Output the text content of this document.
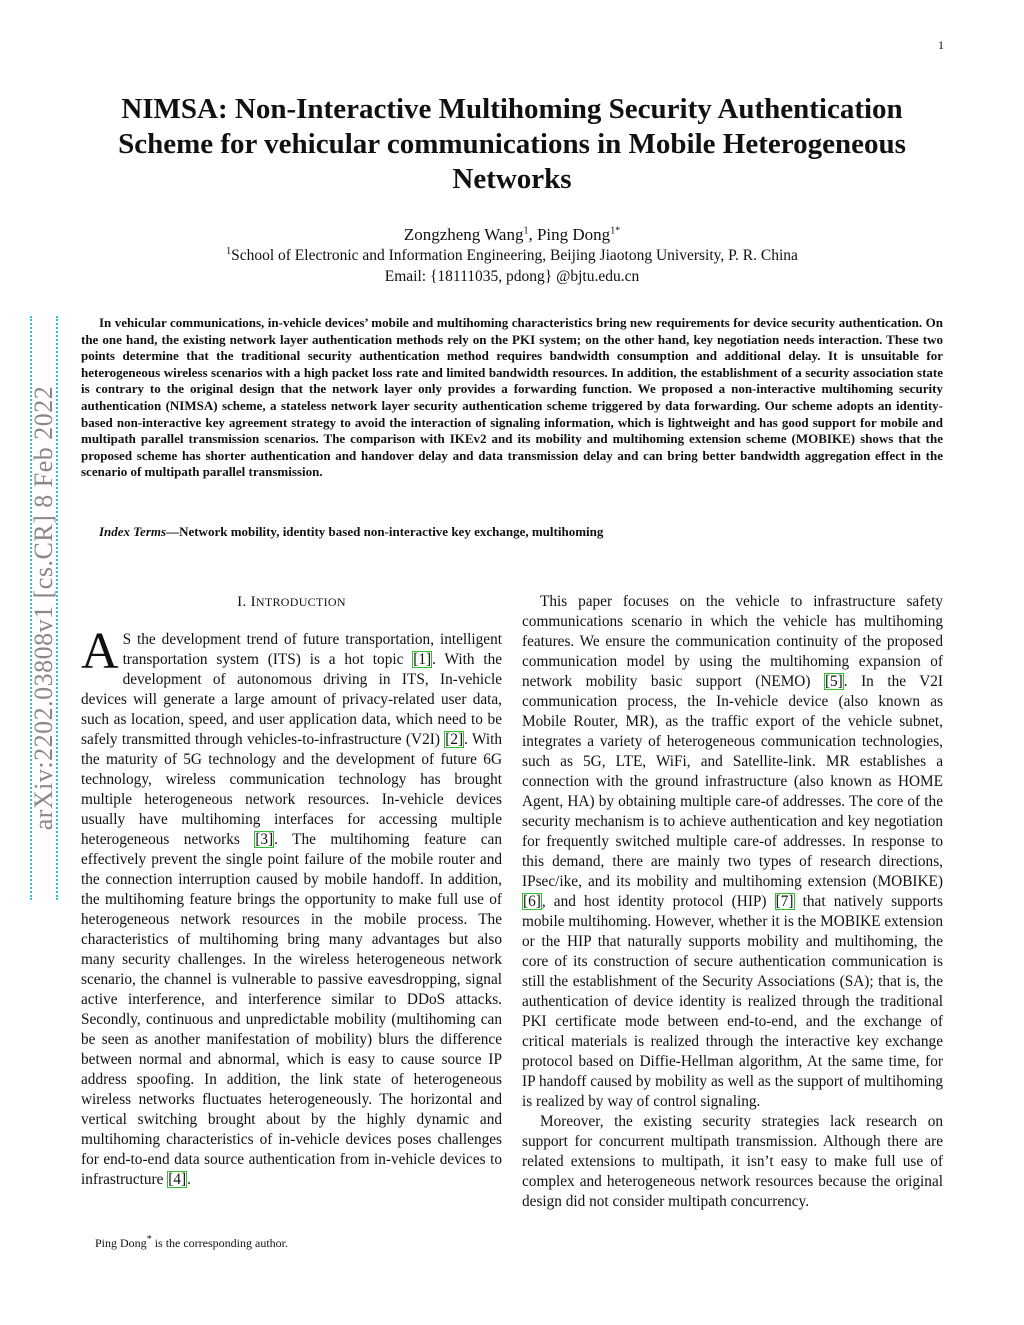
1
arXiv:2202.03808v1 [cs.CR] 8 Feb 2022
NIMSA: Non-Interactive Multihoming Security Authentication Scheme for vehicular communications in Mobile Heterogeneous Networks
Zongzheng Wang$^1$, Ping Dong$^{1*}$
$^1$School of Electronic and Information Engineering, Beijing Jiaotong University, P. R. China
Email: {18111035, pdong} @bjtu.edu.cn

In vehicular communications, in-vehicle devices’ mobile and multihoming characteristics bring new requirements for device security authentication. On the one hand, the existing network layer authentication methods rely on the PKI system; on the other hand, key negotiation needs interaction. These two points determine that the traditional security authentication method requires bandwidth consumption and additional delay. It is unsuitable for heterogeneous wireless scenarios with a high packet loss rate and limited bandwidth resources. In addition, the establishment of a security association state is contrary to the original design that the network layer only provides a forwarding function. We proposed a non-interactive multihoming security authentication (NIMSA) scheme, a stateless network layer security authentication scheme triggered by data forwarding. Our scheme adopts an identity-based non-interactive key agreement strategy to avoid the interaction of signaling information, which is lightweight and has good support for mobile and multipath parallel transmission scenarios. The comparison with IKEv2 and its mobility and multihoming extension scheme (MOBIKE) shows that the proposed scheme has shorter authentication and handover delay and data transmission delay and can bring better bandwidth aggregation effect in the scenario of multipath parallel transmission.

Index Terms—Network mobility, identity based non-interactive key exchange, multihoming

I. INTRODUCTION

A S the development trend of future transportation, intelligent transportation system (ITS) is a hot topic [1]. With the development of autonomous driving in ITS, In-vehicle devices will generate a large amount of privacy-related user data, such as location, speed, and user application data, which need to be safely transmitted through vehicles-to-infrastructure (V2I) [2]. With the maturity of 5G technology and the development of future 6G technology, wireless communication technology has brought multiple heterogeneous network resources. In-vehicle devices usually have multihoming interfaces for accessing multiple heterogeneous networks [3]. The multihoming feature can effectively prevent the single point failure of the mobile router and the connection interruption caused by mobile handoff. In addition, the multihoming feature brings the opportunity to make full use of heterogeneous network resources in the mobile process. The characteristics of multihoming bring many advantages but also many security challenges. In the wireless heterogeneous network scenario, the channel is vulnerable to passive eavesdropping, signal active interference, and interference similar to DDoS attacks. Secondly, continuous and unpredictable mobility (multihoming can be seen as another manifestation of mobility) blurs the difference between normal and abnormal, which is easy to cause source IP address spoofing. In addition, the link state of heterogeneous wireless networks fluctuates heterogeneously. The horizontal and vertical switching brought about by the highly dynamic and multihoming characteristics of in-vehicle devices poses challenges for end-to-end data source authentication from in-vehicle devices to infrastructure [4].

This paper focuses on the vehicle to infrastructure safety communications scenario in which the vehicle has multihoming features. We ensure the communication continuity of the proposed communication model by using the multihoming expansion of network mobility basic support (NEMO) [5]. In the V2I communication process, the In-vehicle device (also known as Mobile Router, MR), as the traffic export of the vehicle subnet, integrates a variety of heterogeneous communication technologies, such as 5G, LTE, WiFi, and Satellite-link. MR establishes a connection with the ground infrastructure (also known as HOME Agent, HA) by obtaining multiple care-of addresses. The core of the security mechanism is to achieve authentication and key negotiation for frequently switched multiple care-of addresses. In response to this demand, there are mainly two types of research directions, IPsec/ike, and its mobility and multihoming extension (MOBIKE) [6], and host identity protocol (HIP) [7] that natively supports mobile multihoming. However, whether it is the MOBIKE extension or the HIP that naturally supports mobility and multihoming, the core of its construction of secure authentication communication is still the establishment of the Security Associations (SA); that is, the authentication of device identity is realized through the traditional PKI certificate mode between end-to-end, and the exchange of critical materials is realized through the interactive key exchange protocol based on Diffie-Hellman algorithm, At the same time, for IP handoff caused by mobility as well as the support of multihoming is realized by way of control signaling.

Moreover, the existing security strategies lack research on support for concurrent multipath transmission. Although there are related extensions to multipath, it isn’t easy to make full use of complex and heterogeneous network resources because the original design did not consider multipath concurrency.

Ping Dong* is the corresponding author.
